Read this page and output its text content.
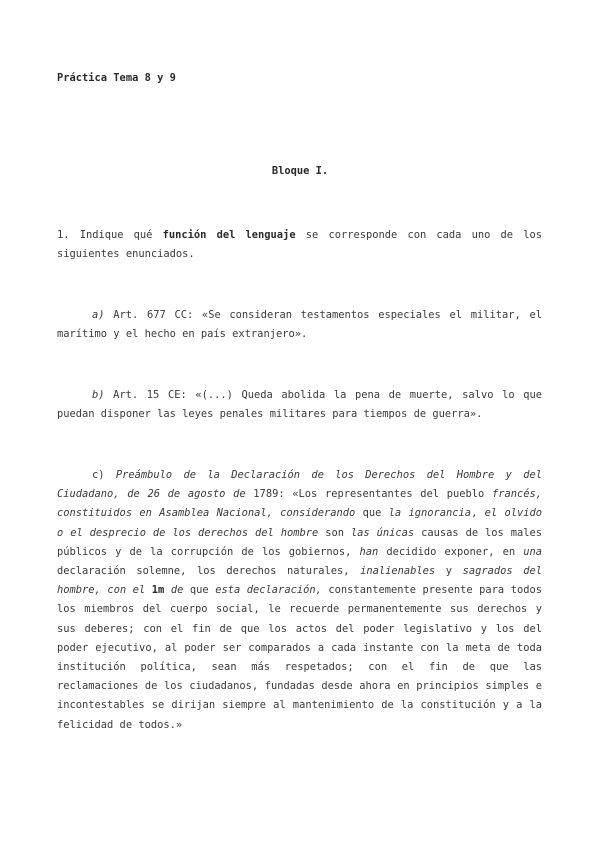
Práctica Tema 8 y 9
Bloque I.

1. Indique qué función del lenguaje se corresponde con cada uno de los siguientes enunciados.

a) Art. 677 CC: «Se consideran testamentos especiales el militar, el marítimo y el hecho en país extranjero».

b) Art. 15 CE: «(...) Queda abolida la pena de muerte, salvo lo que puedan disponer las leyes penales militares para tiempos de guerra».

c) Preámbulo de la Declaración de los Derechos del Hombre y del Ciudadano, de 26 de agosto de 1789: «Los representantes del pueblo francés, constituidos en Asamblea Nacional, considerando que la ignorancia, el olvido o el desprecio de los derechos del hombre son las únicas causas de los males públicos y de la corrupción de los gobiernos, han decidido exponer, en una declaración solemne, los derechos naturales, inalienables y sagrados del hombre, con el 1m de que esta declaración, constantemente presente para todos los miembros del cuerpo social, le recuerde permanentemente sus derechos y sus deberes; con el fin de que los actos del poder legislativo y los del poder ejecutivo, al poder ser comparados a cada instante con la meta de toda institución política, sean más respetados; con el fin de que las reclamaciones de los ciudadanos, fundadas desde ahora en principios simples e incontestables se dirijan siempre al mantenimiento de la constitución y a la felicidad de todos.»
